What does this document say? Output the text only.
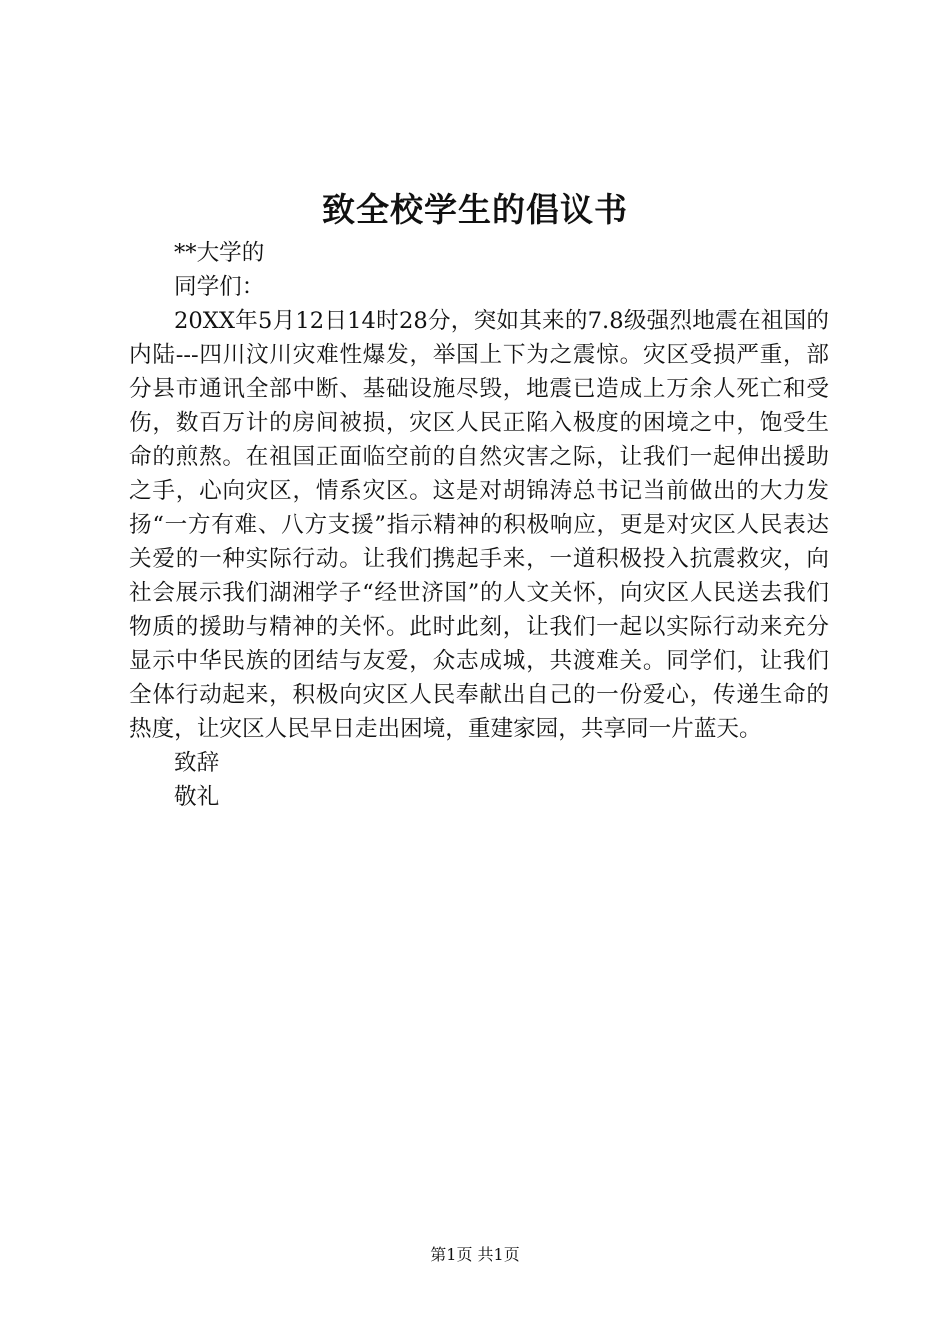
致全校学生的倡议书
**大学的
同学们：
20XX年5月12日14时28分，突如其来的7.8级强烈地震在祖国的内陆---四川汶川灾难性爆发，举国上下为之震惊。灾区受损严重，部分县市通讯全部中断、基础设施尽毁，地震已造成上万余人死亡和受伤，数百万计的房间被损，灾区人民正陷入极度的困境之中，饱受生命的煎熬。在祖国正面临空前的自然灾害之际，让我们一起伸出援助之手，心向灾区，情系灾区。这是对胡锦涛总书记当前做出的大力发扬“一方有难、八方支援”指示精神的积极响应，更是对灾区人民表达关爱的一种实际行动。让我们携起手来，一道积极投入抗震救灾，向社会展示我们湖湘学子“经世济国”的人文关怀，向灾区人民送去我们物质的援助与精神的关怀。此时此刻，让我们一起以实际行动来充分显示中华民族的团结与友爱，众志成城，共渡难关。同学们，让我们全体行动起来，积极向灾区人民奉献出自己的一份爱心，传递生命的热度，让灾区人民早日走出困境，重建家园，共享同一片蓝天。
致辞
敬礼
第1页 共1页
